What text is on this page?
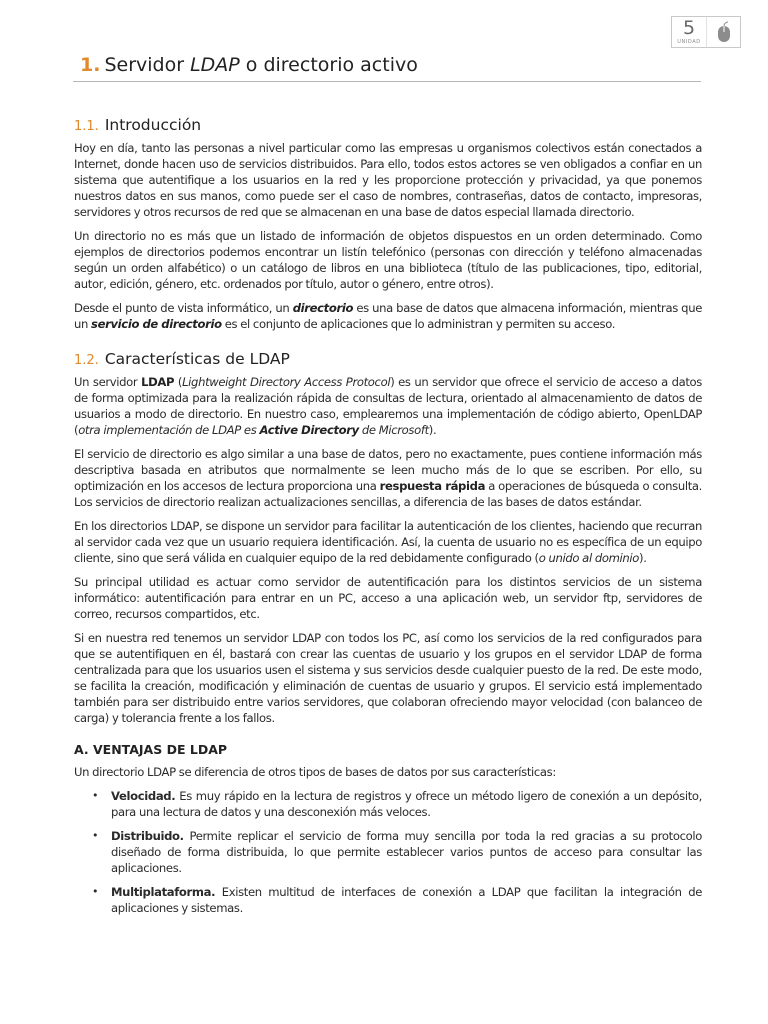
5
UNIDAD
1. Servidor LDAP o directorio activo
1.1. Introducción

Hoy en día, tanto las personas a nivel particular como las empresas u organismos colectivos están conectados a Internet, donde hacen uso de servicios distribuidos. Para ello, todos estos actores se ven obligados a confiar en un sistema que autentifique a los usuarios en la red y les proporcione protección y privacidad, ya que ponemos nuestros datos en sus manos, como puede ser el caso de nombres, contraseñas, datos de contacto, impresoras, servidores y otros recursos de red que se almacenan en una base de datos especial llamada directorio.

Un directorio no es más que un listado de información de objetos dispuestos en un orden determinado. Como ejemplos de directorios podemos encontrar un listín telefónico (personas con dirección y teléfono almacenadas según un orden alfabético) o un catálogo de libros en una biblioteca (título de las publicaciones, tipo, editorial, autor, edición, género, etc. ordenados por título, autor o género, entre otros).

Desde el punto de vista informático, un directorio es una base de datos que almacena información, mientras que un servicio de directorio es el conjunto de aplicaciones que lo administran y permiten su acceso.

1.2. Características de LDAP

Un servidor LDAP (Lightweight Directory Access Protocol) es un servidor que ofrece el servicio de acceso a datos de forma optimizada para la realización rápida de consultas de lectura, orientado al almacenamiento de datos de usuarios a modo de directorio. En nuestro caso, emplearemos una implementación de código abierto, OpenLDAP (otra implementación de LDAP es Active Directory de Microsoft).

El servicio de directorio es algo similar a una base de datos, pero no exactamente, pues contiene información más descriptiva basada en atributos que normalmente se leen mucho más de lo que se escriben. Por ello, su optimización en los accesos de lectura proporciona una respuesta rápida a operaciones de búsqueda o consulta. Los servicios de directorio realizan actualizaciones sencillas, a diferencia de las bases de datos estándar.

En los directorios LDAP, se dispone un servidor para facilitar la autenticación de los clientes, haciendo que recurran al servidor cada vez que un usuario requiera identificación. Así, la cuenta de usuario no es específica de un equipo cliente, sino que será válida en cualquier equipo de la red debidamente configurado (o unido al dominio).

Su principal utilidad es actuar como servidor de autentificación para los distintos servicios de un sistema informático: autentificación para entrar en un PC, acceso a una aplicación web, un servidor ftp, servidores de correo, recursos compartidos, etc.

Si en nuestra red tenemos un servidor LDAP con todos los PC, así como los servicios de la red configurados para que se autentifiquen en él, bastará con crear las cuentas de usuario y los grupos en el servidor LDAP de forma centralizada para que los usuarios usen el sistema y sus servicios desde cualquier puesto de la red. De este modo, se facilita la creación, modificación y eliminación de cuentas de usuario y grupos. El servicio está implementado también para ser distribuido entre varios servidores, que colaboran ofreciendo mayor velocidad (con balanceo de carga) y tolerancia frente a los fallos.

A. VENTAJAS DE LDAP

Un directorio LDAP se diferencia de otros tipos de bases de datos por sus características:

• Velocidad. Es muy rápido en la lectura de registros y ofrece un método ligero de conexión a un depósito, para una lectura de datos y una desconexión más veloces.
• Distribuido. Permite replicar el servicio de forma muy sencilla por toda la red gracias a su protocolo diseñado de forma distribuida, lo que permite establecer varios puntos de acceso para consultar las aplicaciones.
• Multiplataforma. Existen multitud de interfaces de conexión a LDAP que facilitan la integración de aplicaciones y sistemas.
